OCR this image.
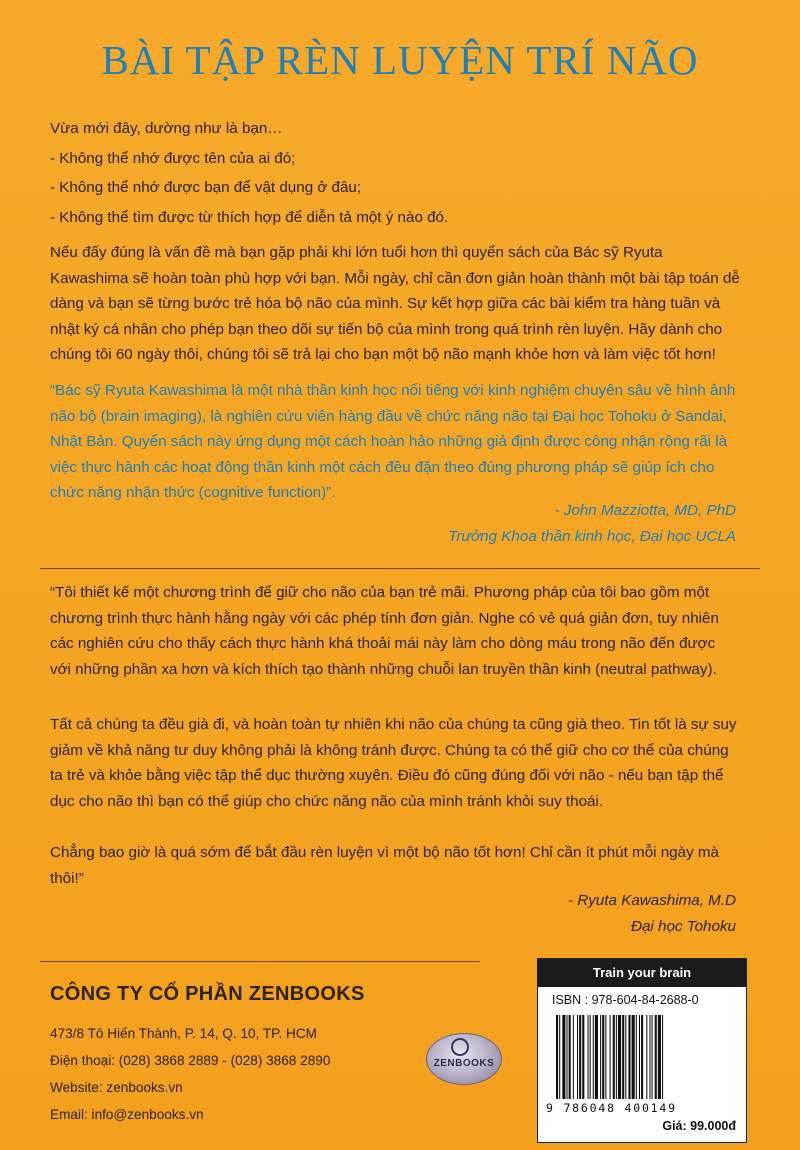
BÀI TẬP RÈN LUYỆN TRÍ NÃO

Vừa mới đây, dường như là bạn…

- Không thể nhớ được tên của ai đó;

- Không thể nhớ được bạn để vật dụng ở đâu;

- Không thể tìm được từ thích hợp để diễn tả một ý nào đó.

Nếu đấy đúng là vấn đề mà bạn gặp phải khi lớn tuổi hơn thì quyển sách của Bác sỹ Ryuta Kawashima sẽ hoàn toàn phù hợp với bạn. Mỗi ngày, chỉ cần đơn giản hoàn thành một bài tập toán dễ dàng và bạn sẽ từng bước trẻ hóa bộ não của mình. Sự kết hợp giữa các bài kiểm tra hàng tuần và nhật ký cá nhân cho phép bạn theo dõi sự tiến bộ của mình trong quá trình rèn luyện. Hãy dành cho chúng tôi 60 ngày thôi, chúng tôi sẽ trả lại cho bạn một bộ não mạnh khỏe hơn và làm việc tốt hơn!

“Bác sỹ Ryuta Kawashima là một nhà thần kinh học nổi tiếng với kinh nghiệm chuyên sâu về hình ảnh não bộ (brain imaging), là nghiên cứu viên hàng đầu về chức năng não tại Đại học Tohoku ở Sandai, Nhật Bản. Quyển sách này ứng dụng một cách hoàn hảo những giả định được công nhận rộng rãi là việc thực hành các hoạt động thần kinh một cách đều đặn theo đúng phương pháp sẽ giúp ích cho chức năng nhận thức (cognitive function)”.

- John Mazziotta, MD, PhD
Trưởng Khoa thần kinh học, Đại học UCLA

“Tôi thiết kế một chương trình để giữ cho não của bạn trẻ mãi. Phương pháp của tôi bao gồm một chương trình thực hành hằng ngày với các phép tính đơn giản. Nghe có vẻ quá giản đơn, tuy nhiên các nghiên cứu cho thấy cách thực hành khá thoải mái này làm cho dòng máu trong não đến được với những phần xa hơn và kích thích tạo thành những chuỗi lan truyền thần kinh (neutral pathway).

Tất cả chúng ta đều già đi, và hoàn toàn tự nhiên khi não của chúng ta cũng già theo. Tin tốt là sự suy giảm về khả năng tư duy không phải là không tránh được. Chúng ta có thể giữ cho cơ thể của chúng ta trẻ và khỏe bằng việc tập thể dục thường xuyên. Điều đó cũng đúng đối với não - nếu bạn tập thể dục cho não thì bạn có thể giúp cho chức năng não của mình tránh khỏi suy thoái.

Chẳng bao giờ là quá sớm để bắt đầu rèn luyện vì một bộ não tốt hơn! Chỉ cần ít phút mỗi ngày mà thôi!”

- Ryuta Kawashima, M.D
Đại học Tohoku
CÔNG TY CỔ PHẦN ZENBOOKS
473/8 Tô Hiến Thành, P. 14, Q. 10, TP. HCM
Điện thoại: (028) 3868 2889 - (028) 3868 2890
Website: zenbooks.vn
Email: info@zenbooks.vn
ZENBOOKS
Train your brain
ISBN : 978-604-84-2688-0
9 786048 400149
Giá: 99.000đ
